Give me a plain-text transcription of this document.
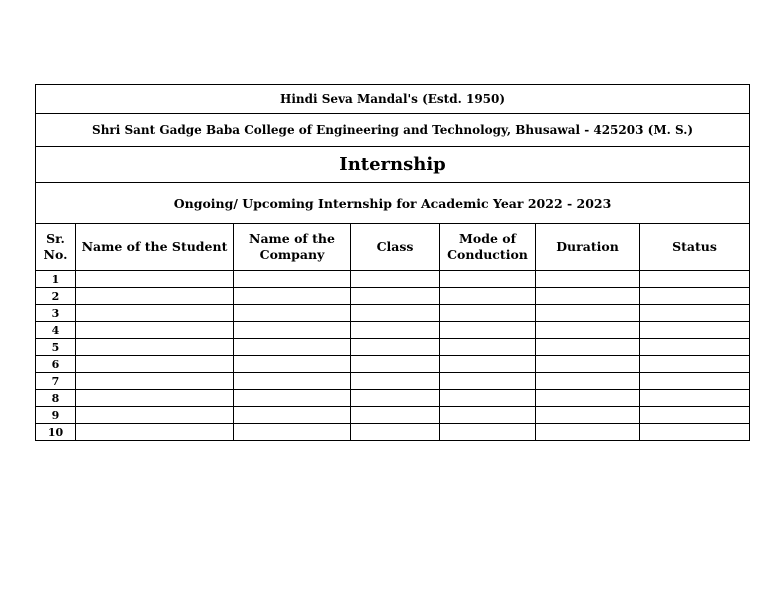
Hindi Seva Mandal's (Estd. 1950)						
Shri Sant Gadge Baba College of Engineering and Technology, Bhusawal - 425203 (M. S.)						
Internship						
Ongoing/ Upcoming Internship for Academic Year 2022 - 2023						
Sr. No.	Name of the Student	Name of the Company	Class	Mode of Conduction	Duration	Status
1						
2						
3						
4						
5						
6						
7						
8						
9						
10						
